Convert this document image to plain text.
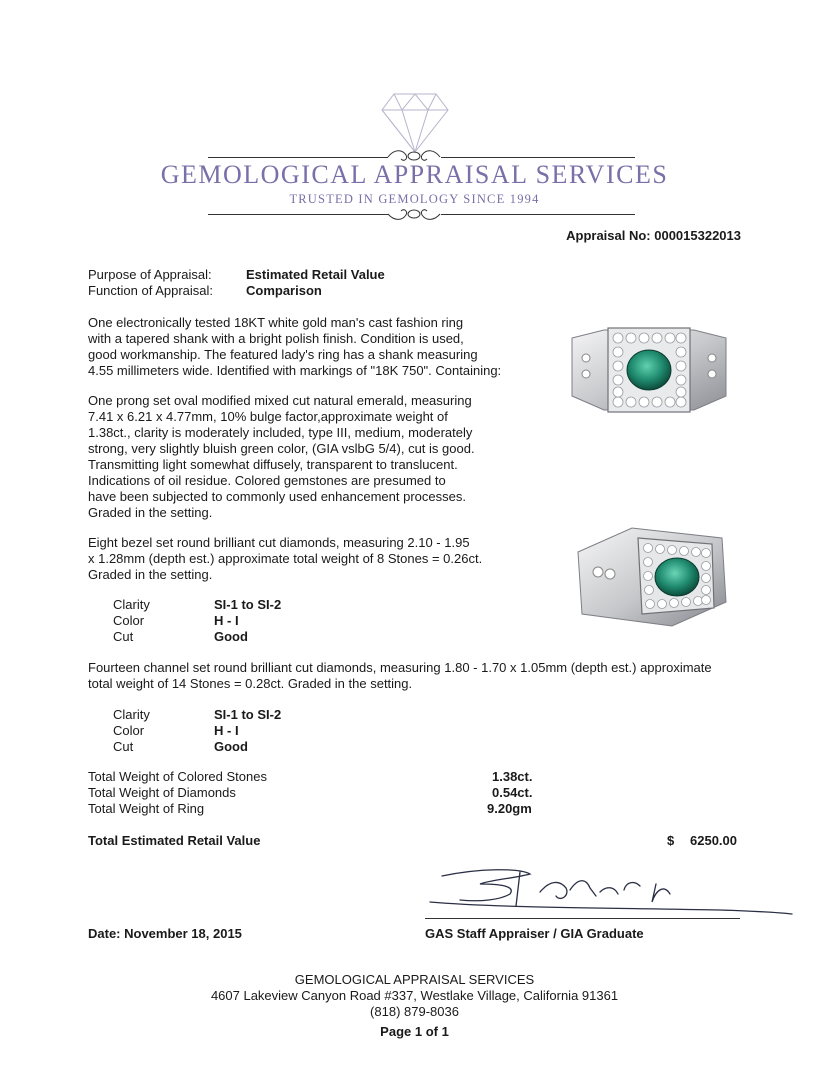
GEMOLOGICAL APPRAISAL SERVICES
TRUSTED IN GEMOLOGY SINCE 1994
Appraisal No: 000015322013
Purpose of Appraisal:	Estimated Retail Value
Function of Appraisal:	Comparison
One electronically tested 18KT white gold man's cast fashion ring
with a tapered shank with a bright polish finish. Condition is used,
good workmanship. The featured lady's ring has a shank measuring
4.55 millimeters wide. Identified with markings of "18K 750". Containing:
One prong set oval modified mixed cut natural emerald, measuring
7.41 x 6.21 x 4.77mm, 10% bulge factor,approximate weight of
1.38ct., clarity is moderately included, type III, medium, moderately
strong, very slightly bluish green color, (GIA vslbG 5/4), cut is good.
Transmitting light somewhat diffusely, transparent to translucent.
Indications of oil residue. Colored gemstones are presumed to
have been subjected to commonly used enhancement processes.
Graded in the setting.
Eight bezel set round brilliant cut diamonds, measuring 2.10 - 1.95
x 1.28mm (depth est.) approximate total weight of 8 Stones = 0.26ct.
Graded in the setting.
Clarity	SI-1 to SI-2
Color	H - I
Cut	Good
Fourteen channel set round brilliant cut diamonds, measuring 1.80 - 1.70 x 1.05mm (depth est.) approximate
total weight of 14 Stones = 0.28ct. Graded in the setting.
Clarity	SI-1 to SI-2
Color	H - I
Cut	Good
Total Weight of Colored Stones	1.38ct.
Total Weight of Diamonds	0.54ct.
Total Weight of Ring	9.20gm
Total Estimated Retail Value	$ 6250.00
Date: November 18, 2015	GAS Staff Appraiser / GIA Graduate
GEMOLOGICAL APPRAISAL SERVICES
4607 Lakeview Canyon Road #337, Westlake Village, California 91361
(818) 879-8036
Page 1 of 1
